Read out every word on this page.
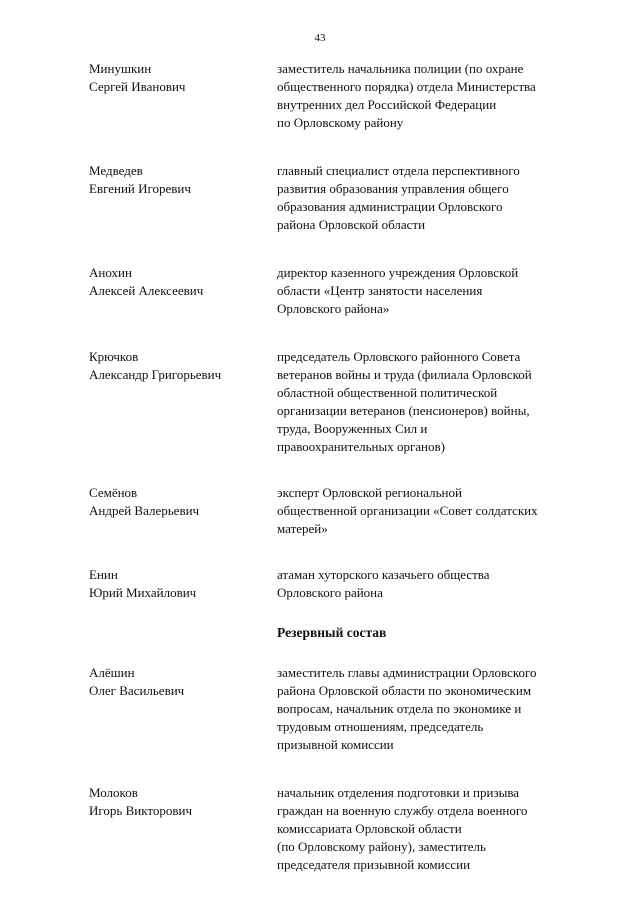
43
Минушкин
Сергей Иванович
заместитель начальника полиции (по охране
общественного порядка) отдела Министерства
внутренних дел Российской Федерации
по Орловскому району
Медведев
Евгений Игоревич
главный специалист отдела перспективного
развития образования управления общего
образования администрации Орловского
района Орловской области
Анохин
Алексей Алексеевич
директор казенного учреждения Орловской
области «Центр занятости населения
Орловского района»
Крючков
Александр Григорьевич
председатель Орловского районного Совета
ветеранов войны и труда (филиала Орловской
областной общественной политической
организации ветеранов (пенсионеров) войны,
труда, Вооруженных Сил и
правоохранительных органов)
Семёнов
Андрей Валерьевич
эксперт Орловской региональной
общественной организации «Совет солдатских
матерей»
Енин
Юрий Михайлович
атаман хуторского казачьего общества
Орловского района
Резервный состав
Алёшин
Олег Васильевич
заместитель главы администрации Орловского
района Орловской области по экономическим
вопросам, начальник отдела по экономике и
трудовым отношениям, председатель
призывной комиссии
Молоков
Игорь Викторович
начальник отделения подготовки и призыва
граждан на военную службу отдела военного
комиссариата Орловской области
(по Орловскому району), заместитель
председателя призывной комиссии
